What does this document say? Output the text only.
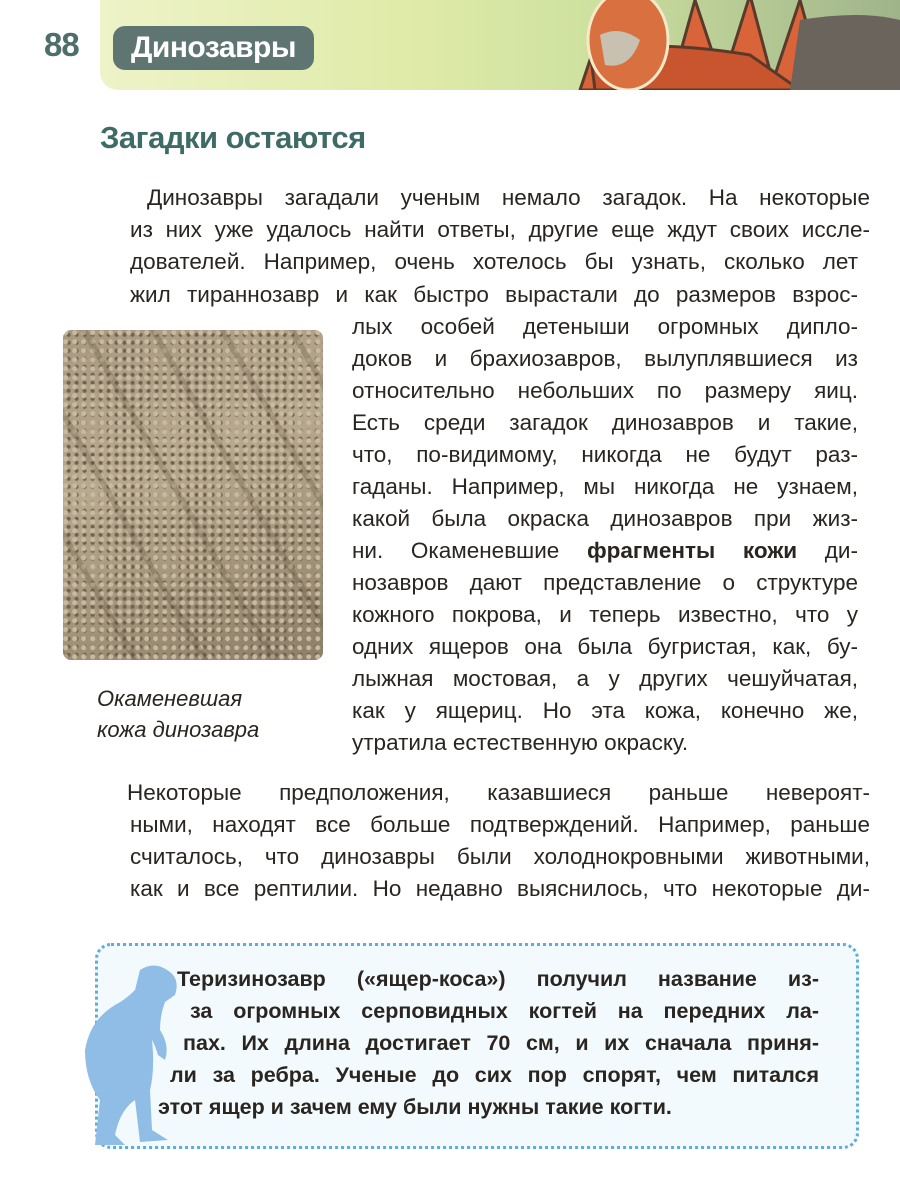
88	Динозавры
Загадки остаются
Динозавры загадали ученым немало загадок. На некоторые
из них уже удалось найти ответы, другие еще ждут своих иссле-
дователей. Например, очень хотелось бы узнать, сколько лет
жил тираннозавр и как быстро вырастали до размеров взрос-
лых особей детеныши огромных дипло-
доков и брахиозавров, вылуплявшиеся из
относительно небольших по размеру яиц.
Есть среди загадок динозавров и такие,
что, по-видимому, никогда не будут раз-
гаданы. Например, мы никогда не узнаем,
какой была окраска динозавров при жиз-
ни. Окаменевшие фрагменты кожи ди-
нозавров дают представление о структуре
кожного покрова, и теперь известно, что у
одних ящеров она была бугристая, как, бу-
лыжная мостовая, а у других чешуйчатая,
как у ящериц. Но эта кожа, конечно же,
утратила естественную окраску.
Окаменевшая
кожа динозавра
Некоторые предположения, казавшиеся раньше невероят-
ными, находят все больше подтверждений. Например, раньше
считалось, что динозавры были холоднокровными животными,
как и все рептилии. Но недавно выяснилось, что некоторые ди-
Теризинозавр («ящер-коса») получил название из-
за огромных серповидных когтей на передних ла-
пах. Их длина достигает 70 см, и их сначала приня-
ли за ребра. Ученые до сих пор спорят, чем питался
этот ящер и зачем ему были нужны такие когти.
